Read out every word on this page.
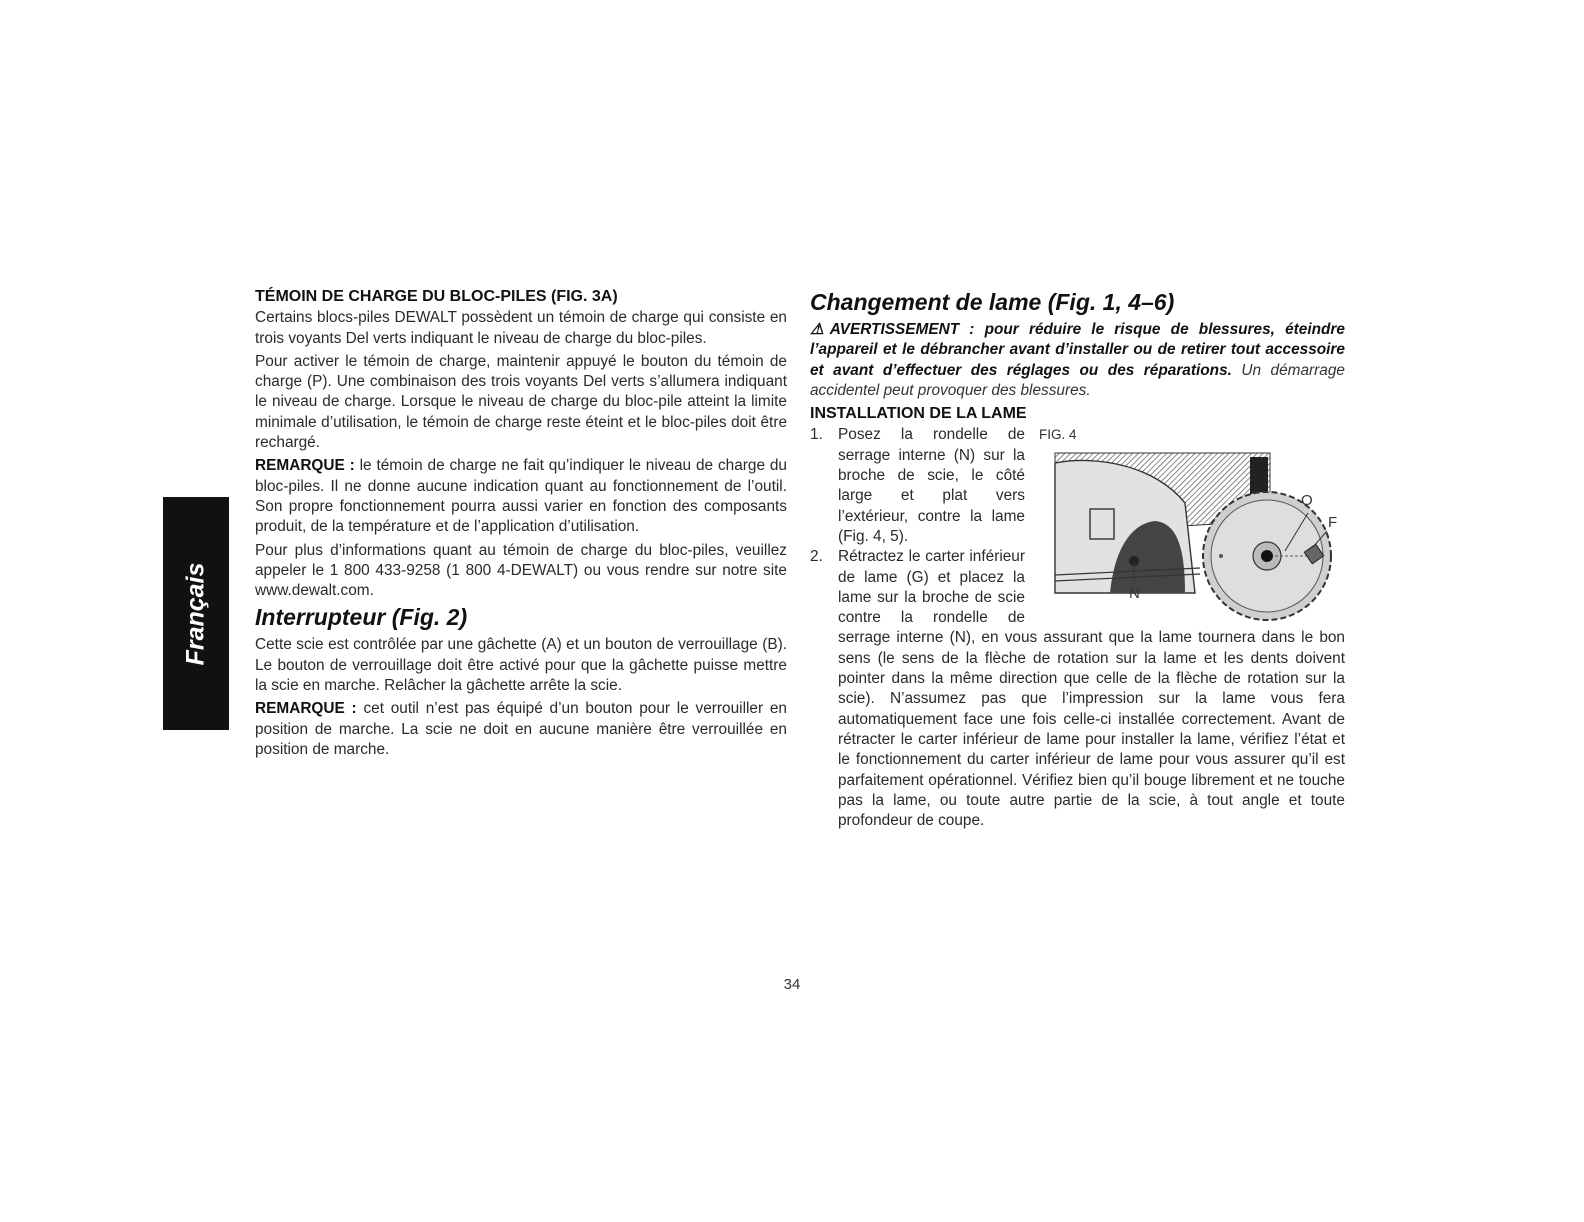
Français
TÉMOIN DE CHARGE DU BLOC-PILES (FIG. 3A)

Certains blocs-piles DEWALT possèdent un témoin de charge qui consiste en trois voyants Del verts indiquant le niveau de charge du bloc-piles.

Pour activer le témoin de charge, maintenir appuyé le bouton du témoin de charge (P). Une combinaison des trois voyants Del verts s’allumera indiquant le niveau de charge. Lorsque le niveau de charge du bloc-pile atteint la limite minimale d’utilisation, le témoin de charge reste éteint et le bloc-piles doit être rechargé.

REMARQUE : le témoin de charge ne fait qu’indiquer le niveau de charge du bloc-piles. Il ne donne aucune indication quant au fonctionnement de l’outil. Son propre fonctionnement pourra aussi varier en fonction des composants produit, de la température et de l’application d’utilisation.

Pour plus d’informations quant au témoin de charge du bloc-piles, veuillez appeler le 1 800 433-9258 (1 800 4-DEWALT) ou vous rendre sur notre site www.dewalt.com.

Interrupteur (Fig. 2)

Cette scie est contrôlée par une gâchette (A) et un bouton de verrouillage (B). Le bouton de verrouillage doit être activé pour que la gâchette puisse mettre la scie en marche. Relâcher la gâchette arrête la scie.

REMARQUE : cet outil n’est pas équipé d’un bouton pour le verrouiller en position de marche. La scie ne doit en aucune manière être verrouillée en position de marche.

Changement de lame (Fig. 1, 4–6)

⚠AVERTISSEMENT : pour réduire le risque de blessures, éteindre l’appareil et le débrancher avant d’installer ou de retirer tout accessoire et avant d’effectuer des réglages ou des réparations. Un démarrage accidentel peut provoquer des blessures.

INSTALLATION DE LA LAME
FIG. 4
O
F
N
1. Posez la rondelle de serrage interne (N) sur la broche de scie, le côté large et plat vers l’extérieur, contre la lame (Fig. 4, 5).
2. Rétractez le carter inférieur de lame (G) et placez la lame sur la broche de scie contre la rondelle de serrage interne (N), en vous assurant que la lame tournera dans le bon sens (le sens de la flèche de rotation sur la lame et les dents doivent pointer dans la même direction que celle de la flèche de rotation sur la scie). N’assumez pas que l’impression sur la lame vous fera automatiquement face une fois celle-ci installée correctement. Avant de rétracter le carter inférieur de lame pour installer la lame, vérifiez l’état et le fonctionnement du carter inférieur de lame pour vous assurer qu’il est parfaitement opérationnel. Vérifiez bien qu’il bouge librement et ne touche pas la lame, ou toute autre partie de la scie, à tout angle et toute profondeur de coupe.
34
